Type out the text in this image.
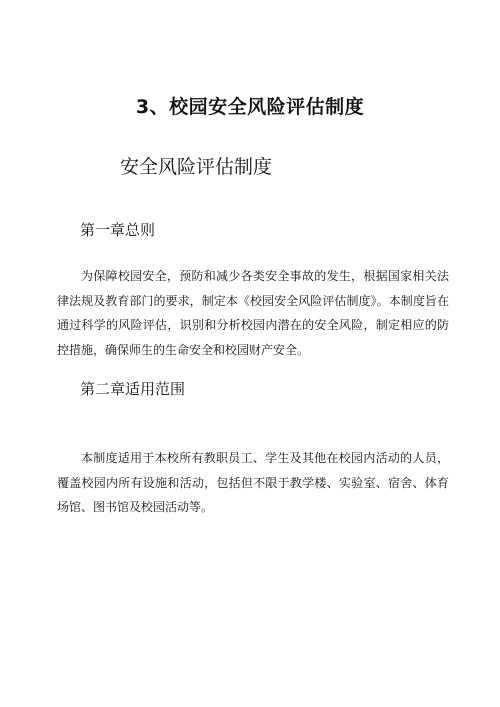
3、校园安全风险评估制度
安全风险评估制度
第一章总则

为保障校园安全，预防和减少各类安全事故的发生，根据国家相关法律法规及教育部门的要求，制定本《校园安全风险评估制度》。本制度旨在通过科学的风险评估，识别和分析校园内潜在的安全风险，制定相应的防控措施，确保师生的生命安全和校园财产安全。

第二章适用范围

本制度适用于本校所有教职员工、学生及其他在校园内活动的人员，覆盖校园内所有设施和活动，包括但不限于教学楼、实验室、宿舍、体育场馆、图书馆及校园活动等。
